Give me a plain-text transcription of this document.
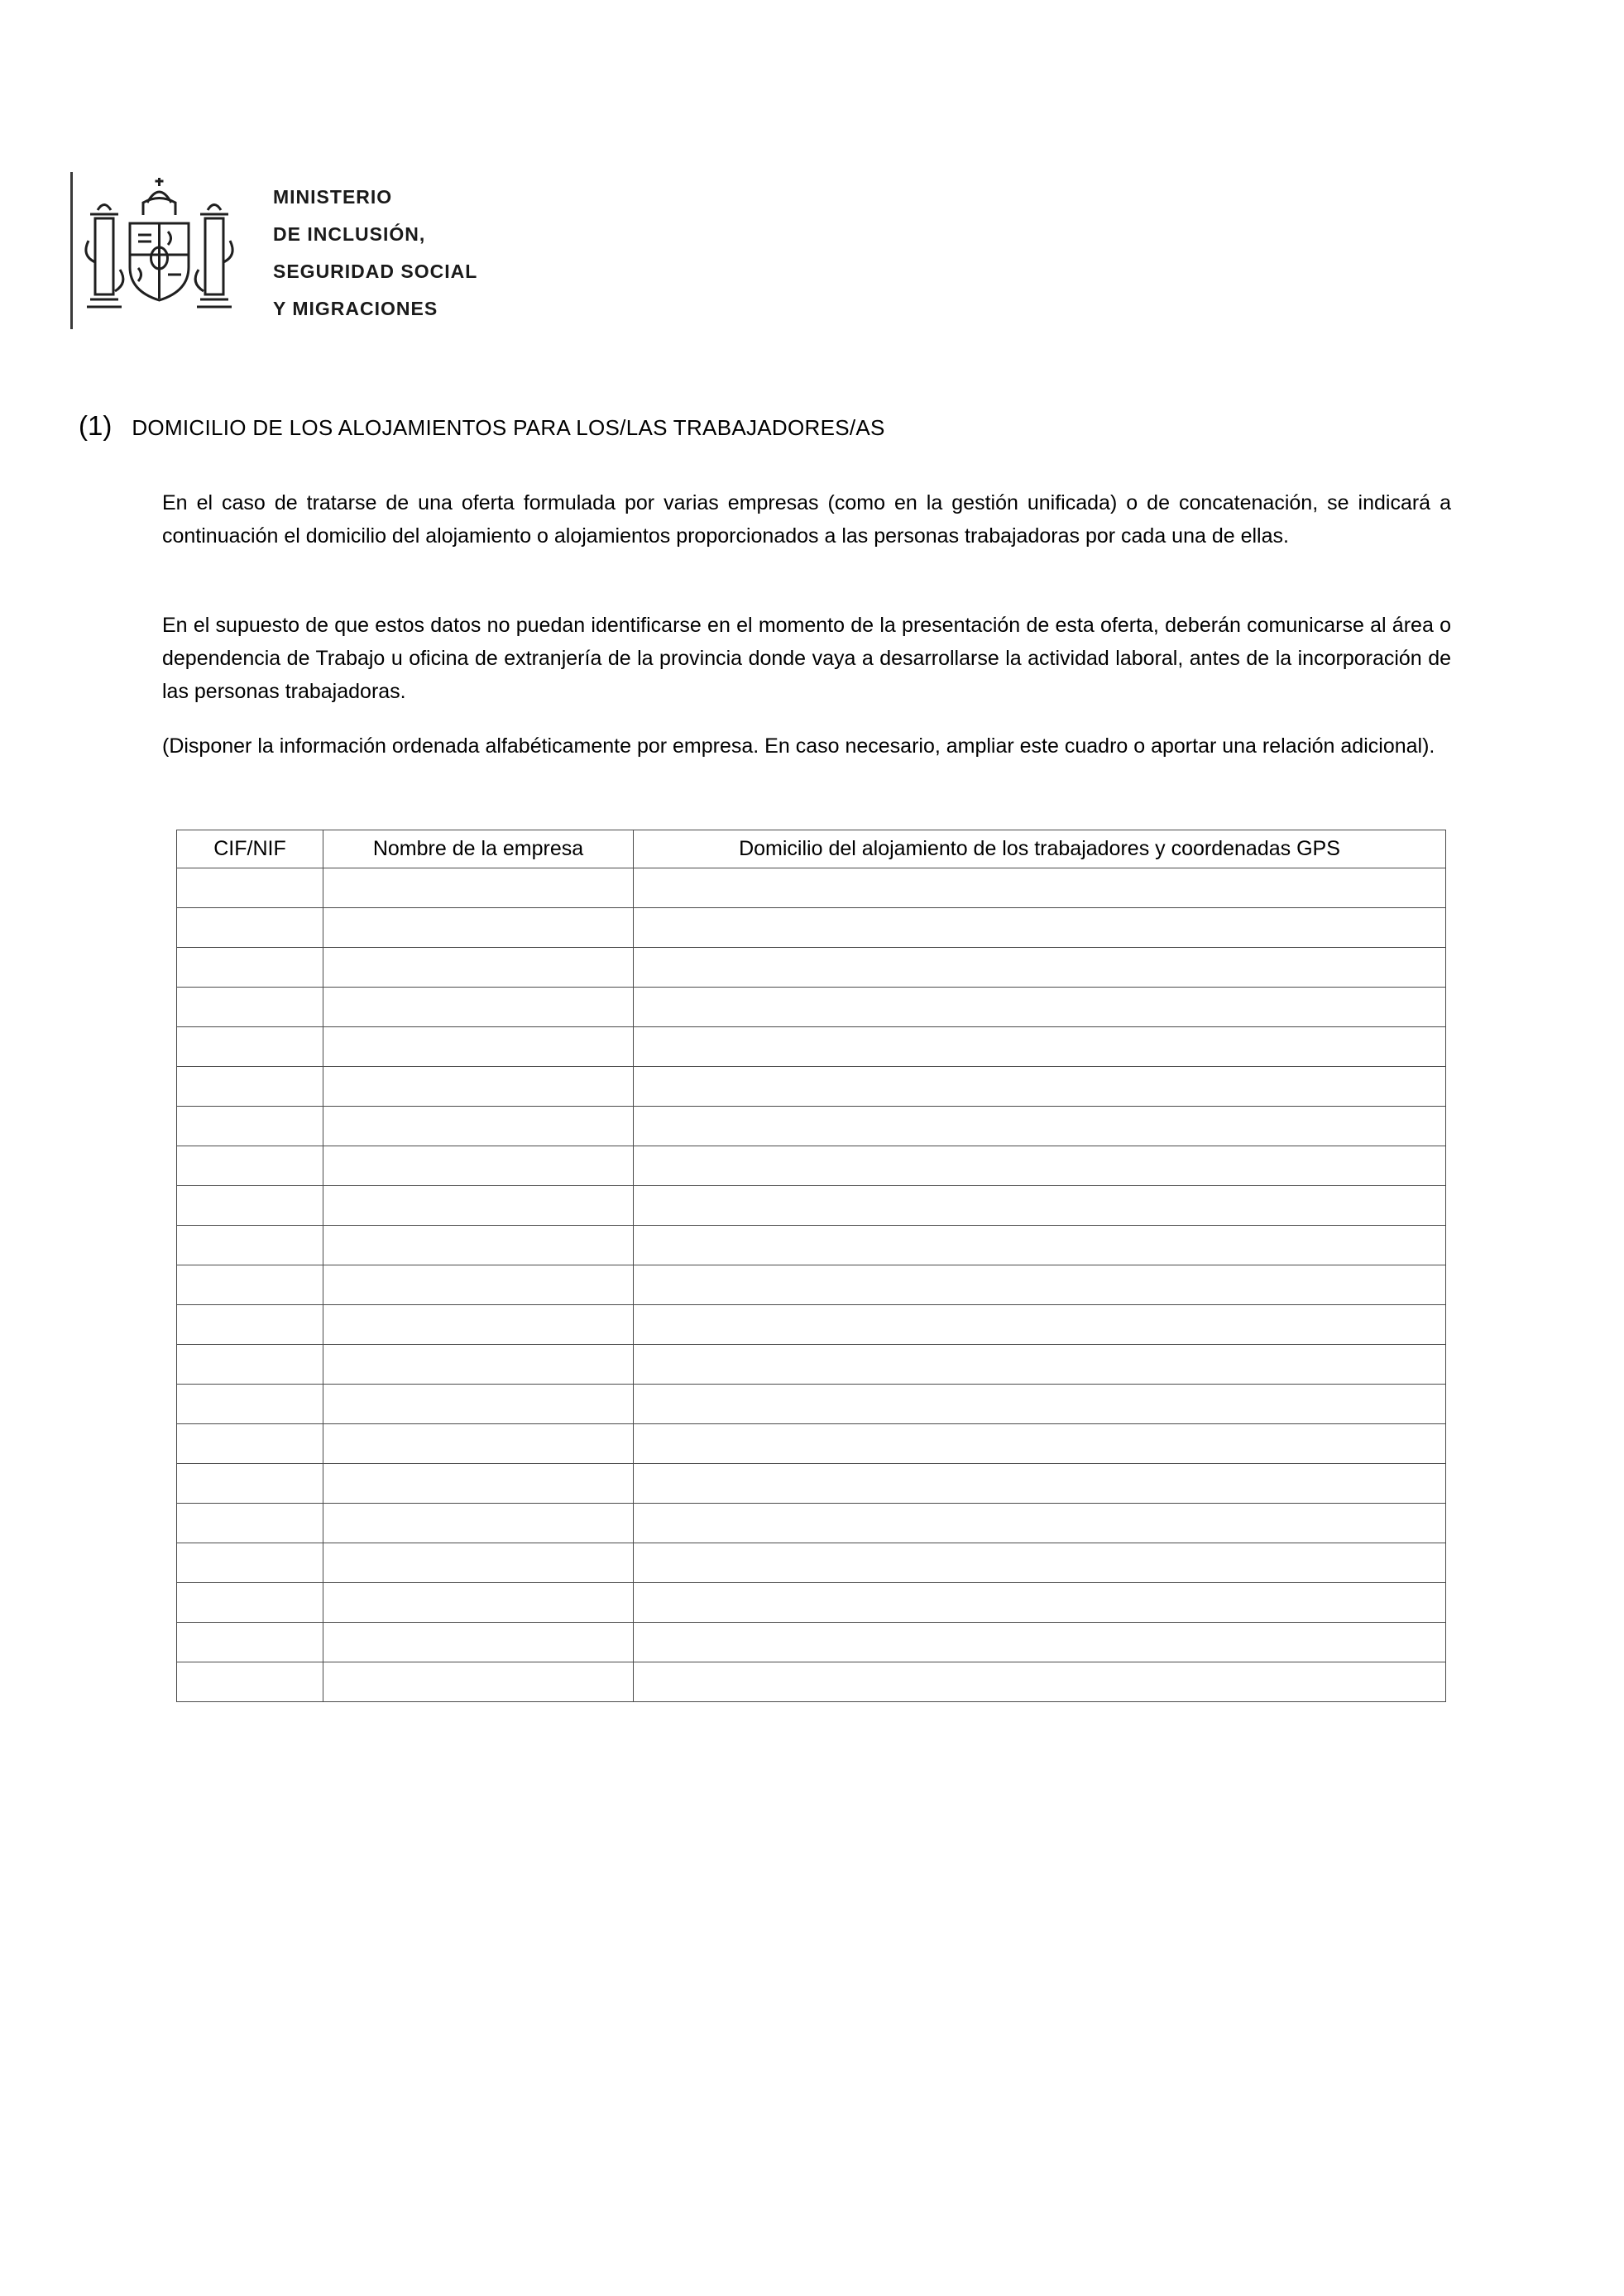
MINISTERIO
DE INCLUSIÓN,
SEGURIDAD SOCIAL
Y MIGRACIONES
(1) DOMICILIO DE LOS ALOJAMIENTOS PARA LOS/LAS TRABAJADORES/AS

En el caso de tratarse de una oferta formulada por varias empresas (como en la gestión unificada) o de concatenación, se indicará a continuación el domicilio del alojamiento o alojamientos proporcionados a las personas trabajadoras por cada una de ellas.

En el supuesto de que estos datos no puedan identificarse en el momento de la presentación de esta oferta, deberán comunicarse al área o dependencia de Trabajo u oficina de extranjería de la provincia donde vaya a desarrollarse la actividad laboral, antes de la incorporación de las personas trabajadoras.

(Disponer la información ordenada alfabéticamente por empresa. En caso necesario, ampliar este cuadro o aportar una relación adicional).

CIF/NIF	Nombre de la empresa	Domicilio del alojamiento de los trabajadores y coordenadas GPS
